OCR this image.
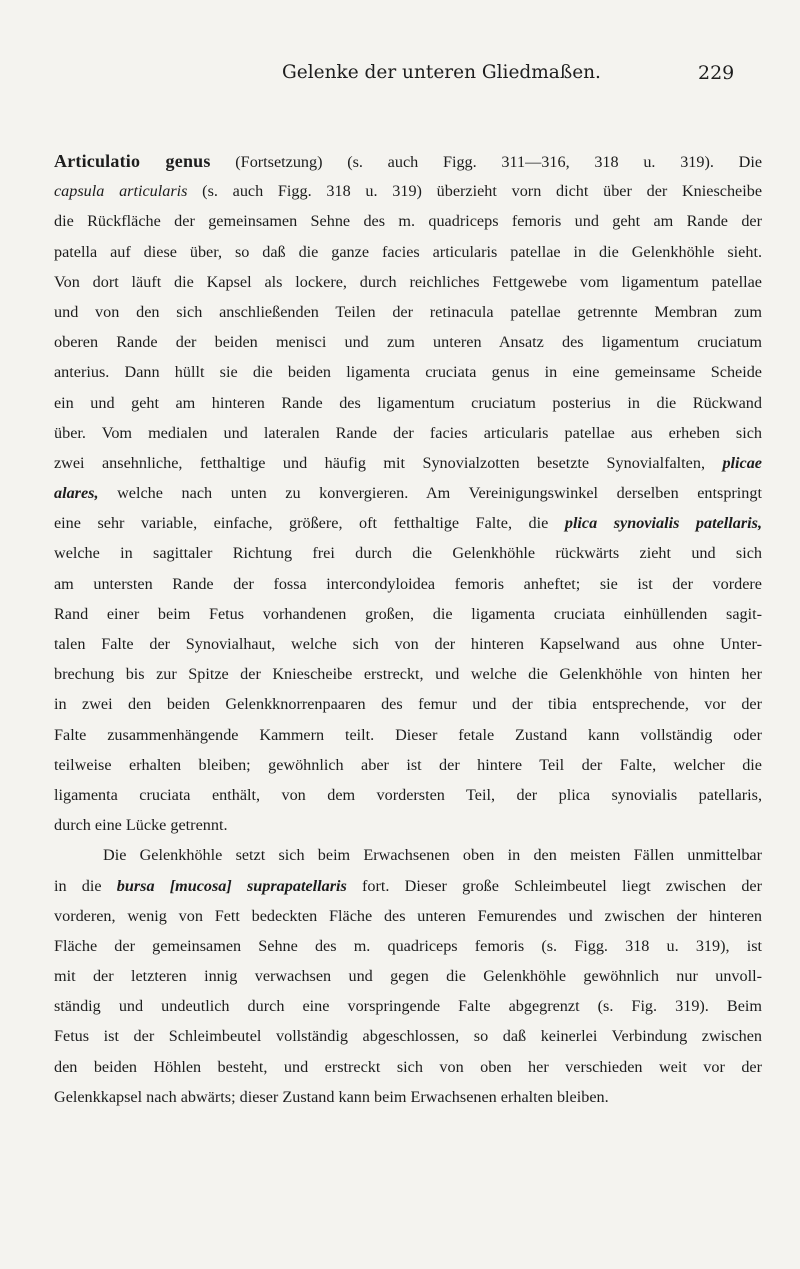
Gelenke der unteren Gliedmaßen.	229
Articulatio genus (Fortsetzung) (s. auch Figg. 311—316, 318 u. 319). Die
capsula articularis (s. auch Figg. 318 u. 319) überzieht vorn dicht über der Kniescheibe
die Rückfläche der gemeinsamen Sehne des m. quadriceps femoris und geht am Rande der
patella auf diese über, so daß die ganze facies articularis patellae in die Gelenkhöhle sieht.
Von dort läuft die Kapsel als lockere, durch reichliches Fettgewebe vom ligamentum patellae
und von den sich anschließenden Teilen der retinacula patellae getrennte Membran zum
oberen Rande der beiden menisci und zum unteren Ansatz des ligamentum cruciatum
anterius. Dann hüllt sie die beiden ligamenta cruciata genus in eine gemeinsame Scheide
ein und geht am hinteren Rande des ligamentum cruciatum posterius in die Rückwand
über. Vom medialen und lateralen Rande der facies articularis patellae aus erheben sich
zwei ansehnliche, fetthaltige und häufig mit Synovialzotten besetzte Synovialfalten, plicae
alares, welche nach unten zu konvergieren. Am Vereinigungswinkel derselben entspringt
eine sehr variable, einfache, größere, oft fetthaltige Falte, die plica synovialis patellaris,
welche in sagittaler Richtung frei durch die Gelenkhöhle rückwärts zieht und sich
am untersten Rande der fossa intercondyloidea femoris anheftet; sie ist der vordere
Rand einer beim Fetus vorhandenen großen, die ligamenta cruciata einhüllenden sagit-
talen Falte der Synovialhaut, welche sich von der hinteren Kapselwand aus ohne Unter-
brechung bis zur Spitze der Kniescheibe erstreckt, und welche die Gelenkhöhle von hinten her
in zwei den beiden Gelenkknorrenpaaren des femur und der tibia entsprechende, vor der
Falte zusammenhängende Kammern teilt. Dieser fetale Zustand kann vollständig oder
teilweise erhalten bleiben; gewöhnlich aber ist der hintere Teil der Falte, welcher die
ligamenta cruciata enthält, von dem vordersten Teil, der plica synovialis patellaris,
durch eine Lücke getrennt.
Die Gelenkhöhle setzt sich beim Erwachsenen oben in den meisten Fällen unmittelbar
in die bursa [mucosa] suprapatellaris fort. Dieser große Schleimbeutel liegt zwischen der
vorderen, wenig von Fett bedeckten Fläche des unteren Femurendes und zwischen der hinteren
Fläche der gemeinsamen Sehne des m. quadriceps femoris (s. Figg. 318 u. 319), ist
mit der letzteren innig verwachsen und gegen die Gelenkhöhle gewöhnlich nur unvoll-
ständig und undeutlich durch eine vorspringende Falte abgegrenzt (s. Fig. 319). Beim
Fetus ist der Schleimbeutel vollständig abgeschlossen, so daß keinerlei Verbindung zwischen
den beiden Höhlen besteht, und erstreckt sich von oben her verschieden weit vor der
Gelenkkapsel nach abwärts; dieser Zustand kann beim Erwachsenen erhalten bleiben.
